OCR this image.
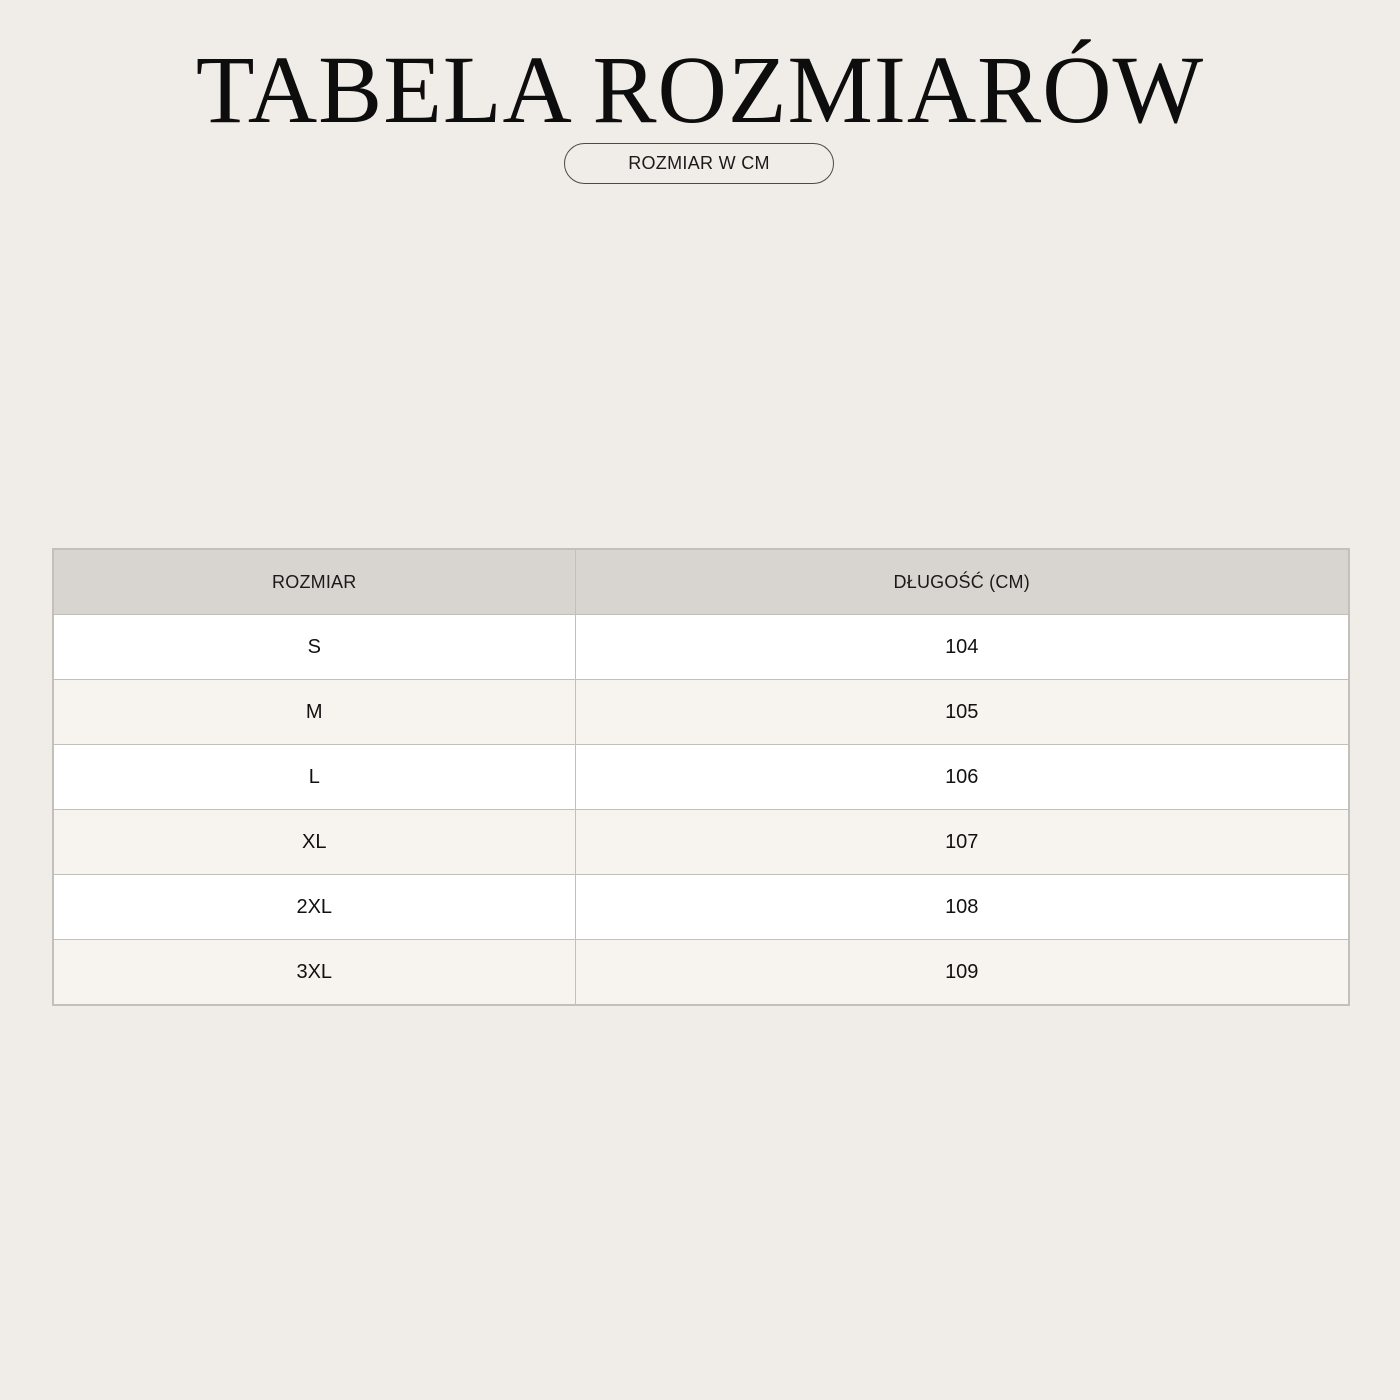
TABELA ROZMIARÓW
ROZMIAR W CM
ROZMIAR	DŁUGOŚĆ (CM)
S	104
M	105
L	106
XL	107
2XL	108
3XL	109
